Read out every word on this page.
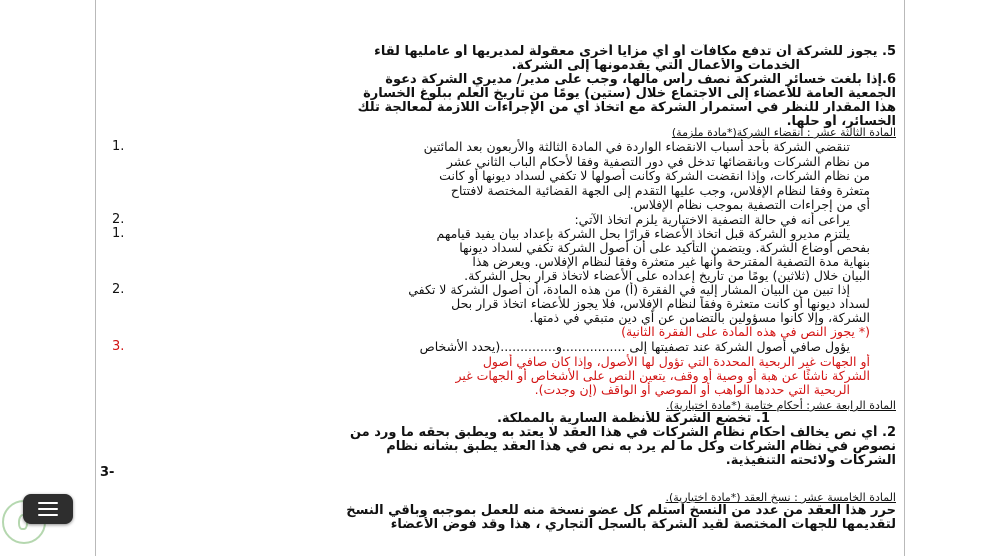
5. يجوز للشركة أن تدفع مكافآت أو أي مزايا أخرى معقولة لمديريها أو عامليها لقاء
الخدمات والأعمال التي يقدمونها إلى الشركة.
6.إذا بلغت خسائر الشركة نصف رأس مالها، وجب على مدير/ مديري الشركة دعوة
الجمعية العامة للأعضاء إلى الاجتماع خلال (ستين) يومًا من تاريخ العلم ببلوغ الخسارة
هذا المقدار للنظر في استمرار الشركة مع اتخاذ أي من الإجراءات اللازمة لمعالجة تلك
الخسائر، أو حلها.
المادة الثالثة عشر : انقضاء الشركة(*مادة ملزمة)
تنقضي الشركة بأحد أسباب الانقضاء الواردة في المادة الثالثة والأربعون بعد المائتين
1.
من نظام الشركات وبانقضائها تدخل في دور التصفية وفقا لأحكام الباب الثاني عشر
من نظام الشركات، وإذا انقضت الشركة وكانت أصولها لا تكفي لسداد ديونها أو كانت
متعثرة وفقا لنظام الإفلاس، وجب عليها التقدم إلى الجهة القضائية المختصة لافتتاح
أي من إجراءات التصفية بموجب نظام الإفلاس.
يراعى أنه في حالة التصفية الاختيارية يلزم اتخاذ الآتي:
2.
يلتزم مديرو الشركة قبل اتخاذ الأعضاء قرارًا بحل الشركة بإعداد بيان يفيد قيامهم
1.
بفحص أوضاع الشركة. ويتضمن التأكيد على أن أصول الشركة تكفي لسداد ديونها
بنهاية مدة التصفية المقترحة وأنها غير متعثرة وفقا لنظام الإفلاس. ويعرض هذا
البيان خلال (ثلاثين) يومًا من تاريخ إعداده على الأعضاء لاتخاذ قرار بحل الشركة.
إذا تبين من البيان المشار إليه في الفقرة (أ) من هذه المادة، أن أصول الشركة لا تكفي
2.
لسداد ديونها أو كانت متعثرة وفقاً لنظام الإفلاس، فلا يجوز للأعضاء اتخاذ قرار بحل
الشركة، وإلا كانوا مسؤولين بالتضامن عن أي دين متبقي في ذمتها.
(* يجوز النص في هذه المادة على الفقرة الثانية)
يؤول صافي أصول الشركة عند تصفيتها إلى ................و..............(يحدد الأشخاص
3.
أو الجهات غير الربحية المحددة التي تؤول لها الأصول، وإذا كان صافي أصول
الشركة ناشئًا عن هبة أو وصية أو وقف، يتعين النص على الأشخاص أو الجهات غير
الربحية التي حددها الواهب أو الموصي أو الواقف (إن وجدت).
المادة الرابعة عشر: أحكام ختامية (*مادة اختيارية).
1. تخضع الشركة للأنظمة السارية بالمملكة.
2. أي نص يخالف أحكام نظام الشركات في هذا العقد لا يعتد به ويطبق بحقه ما ورد من
نصوص في نظام الشركات وكل ما لم يرد به نص في هذا العقد يطبق بشأنه نظام
الشركات ولائحته التنفيذية.
3-
المادة الخامسة عشر : نسخ العقد (*مادة اختيارية).
حرر هذا العقد من عدد من النسخ أستلم كل عضو نسخة منه للعمل بموجبه وباقي النسخ
لتقديمها للجهات المختصة لقيد الشركة بالسجل التجاري ، هذا وقد فوض الأعضاء
